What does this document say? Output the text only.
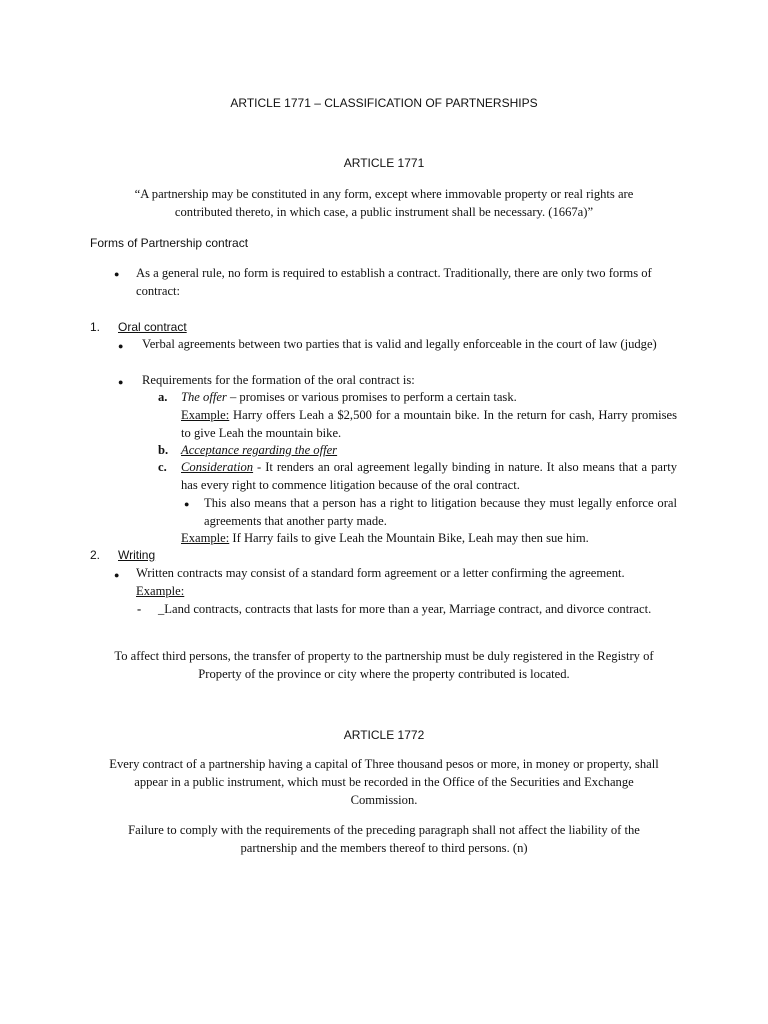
ARTICLE 1771 – CLASSIFICATION OF PARTNERSHIPS
ARTICLE 1771
“A partnership may be constituted in any form, except where immovable property or real rights are
contributed thereto, in which case, a public instrument shall be necessary. (1667a)”
Forms of Partnership contract
● As a general rule, no form is required to establish a contract. Traditionally, there are only two forms of contract:
1. Oral contract
● Verbal agreements between two parties that is valid and legally enforceable in the court of law (judge)
● Requirements for the formation of the oral contract is:
a. The offer – promises or various promises to perform a certain task.
Example: Harry offers Leah a $2,500 for a mountain bike. In the return for cash, Harry promises to give Leah the mountain bike.
b. Acceptance regarding the offer
c. Consideration - It renders an oral agreement legally binding in nature. It also means that a party has every right to commence litigation because of the oral contract.
● This also means that a person has a right to litigation because they must legally enforce oral agreements that another party made.
Example: If Harry fails to give Leah the Mountain Bike, Leah may then sue him.
2. Writing
● Written contracts may consist of a standard form agreement or a letter confirming the agreement.
Example:
- _Land contracts, contracts that lasts for more than a year, Marriage contract, and divorce contract.
To affect third persons, the transfer of property to the partnership must be duly registered in the Registry of
Property of the province or city where the property contributed is located.
ARTICLE 1772
Every contract of a partnership having a capital of Three thousand pesos or more, in money or property, shall
appear in a public instrument, which must be recorded in the Office of the Securities and Exchange
Commission.
Failure to comply with the requirements of the preceding paragraph shall not affect the liability of the
partnership and the members thereof to third persons. (n)
